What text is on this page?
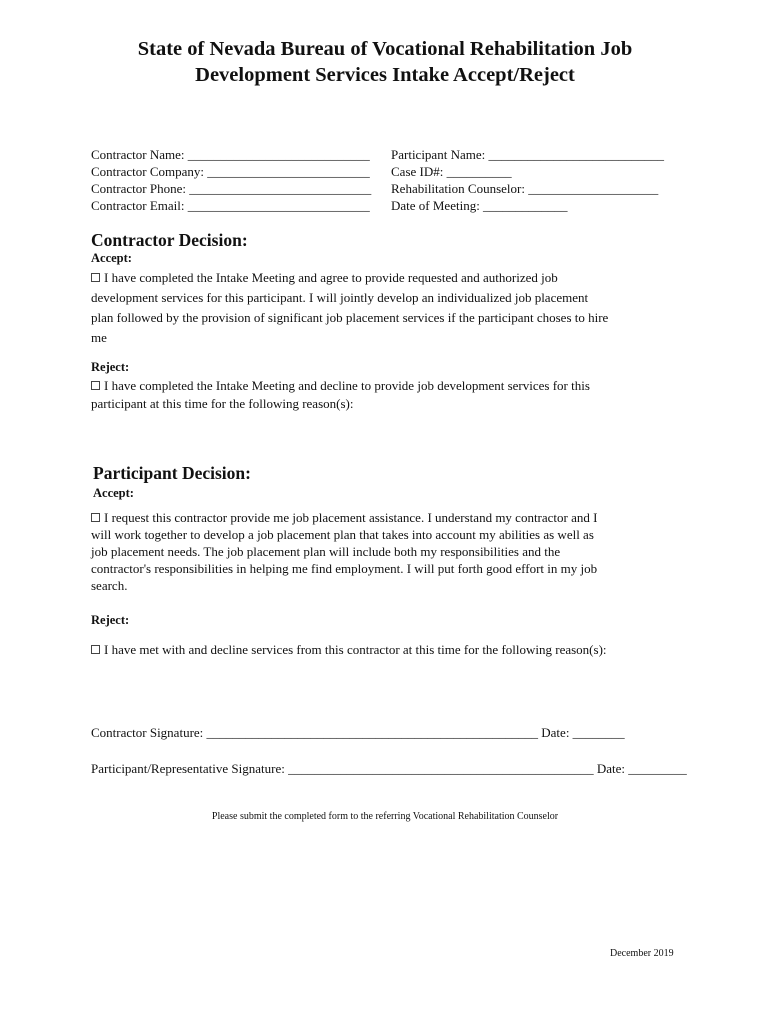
State of Nevada Bureau of Vocational Rehabilitation Job
Development Services Intake Accept/Reject
Contractor Name: ____________________________
Contractor Company: _________________________
Contractor Phone: ____________________________
Contractor Email: ____________________________
Participant Name: ___________________________
Case ID#: __________
Rehabilitation Counselor: ____________________
Date of Meeting: _____________
Contractor Decision:
Accept:
I have completed the Intake Meeting and agree to provide requested and authorized job
development services for this participant. I will jointly develop an individualized job placement
plan followed by the provision of significant job placement services if the participant choses to hire
me
Reject:
I have completed the Intake Meeting and decline to provide job development services for this
participant at this time for the following reason(s):
Participant Decision:
Accept:
I request this contractor provide me job placement assistance. I understand my contractor and I
will work together to develop a job placement plan that takes into account my abilities as well as
job placement needs. The job placement plan will include both my responsibilities and the
contractor's responsibilities in helping me find employment. I will put forth good effort in my job
search.
Reject:
I have met with and decline services from this contractor at this time for the following reason(s):
Contractor Signature: ___________________________________________________ Date: ________
Participant/Representative Signature: _______________________________________________ Date: _________
Please submit the completed form to the referring Vocational Rehabilitation Counselor
December 2019
